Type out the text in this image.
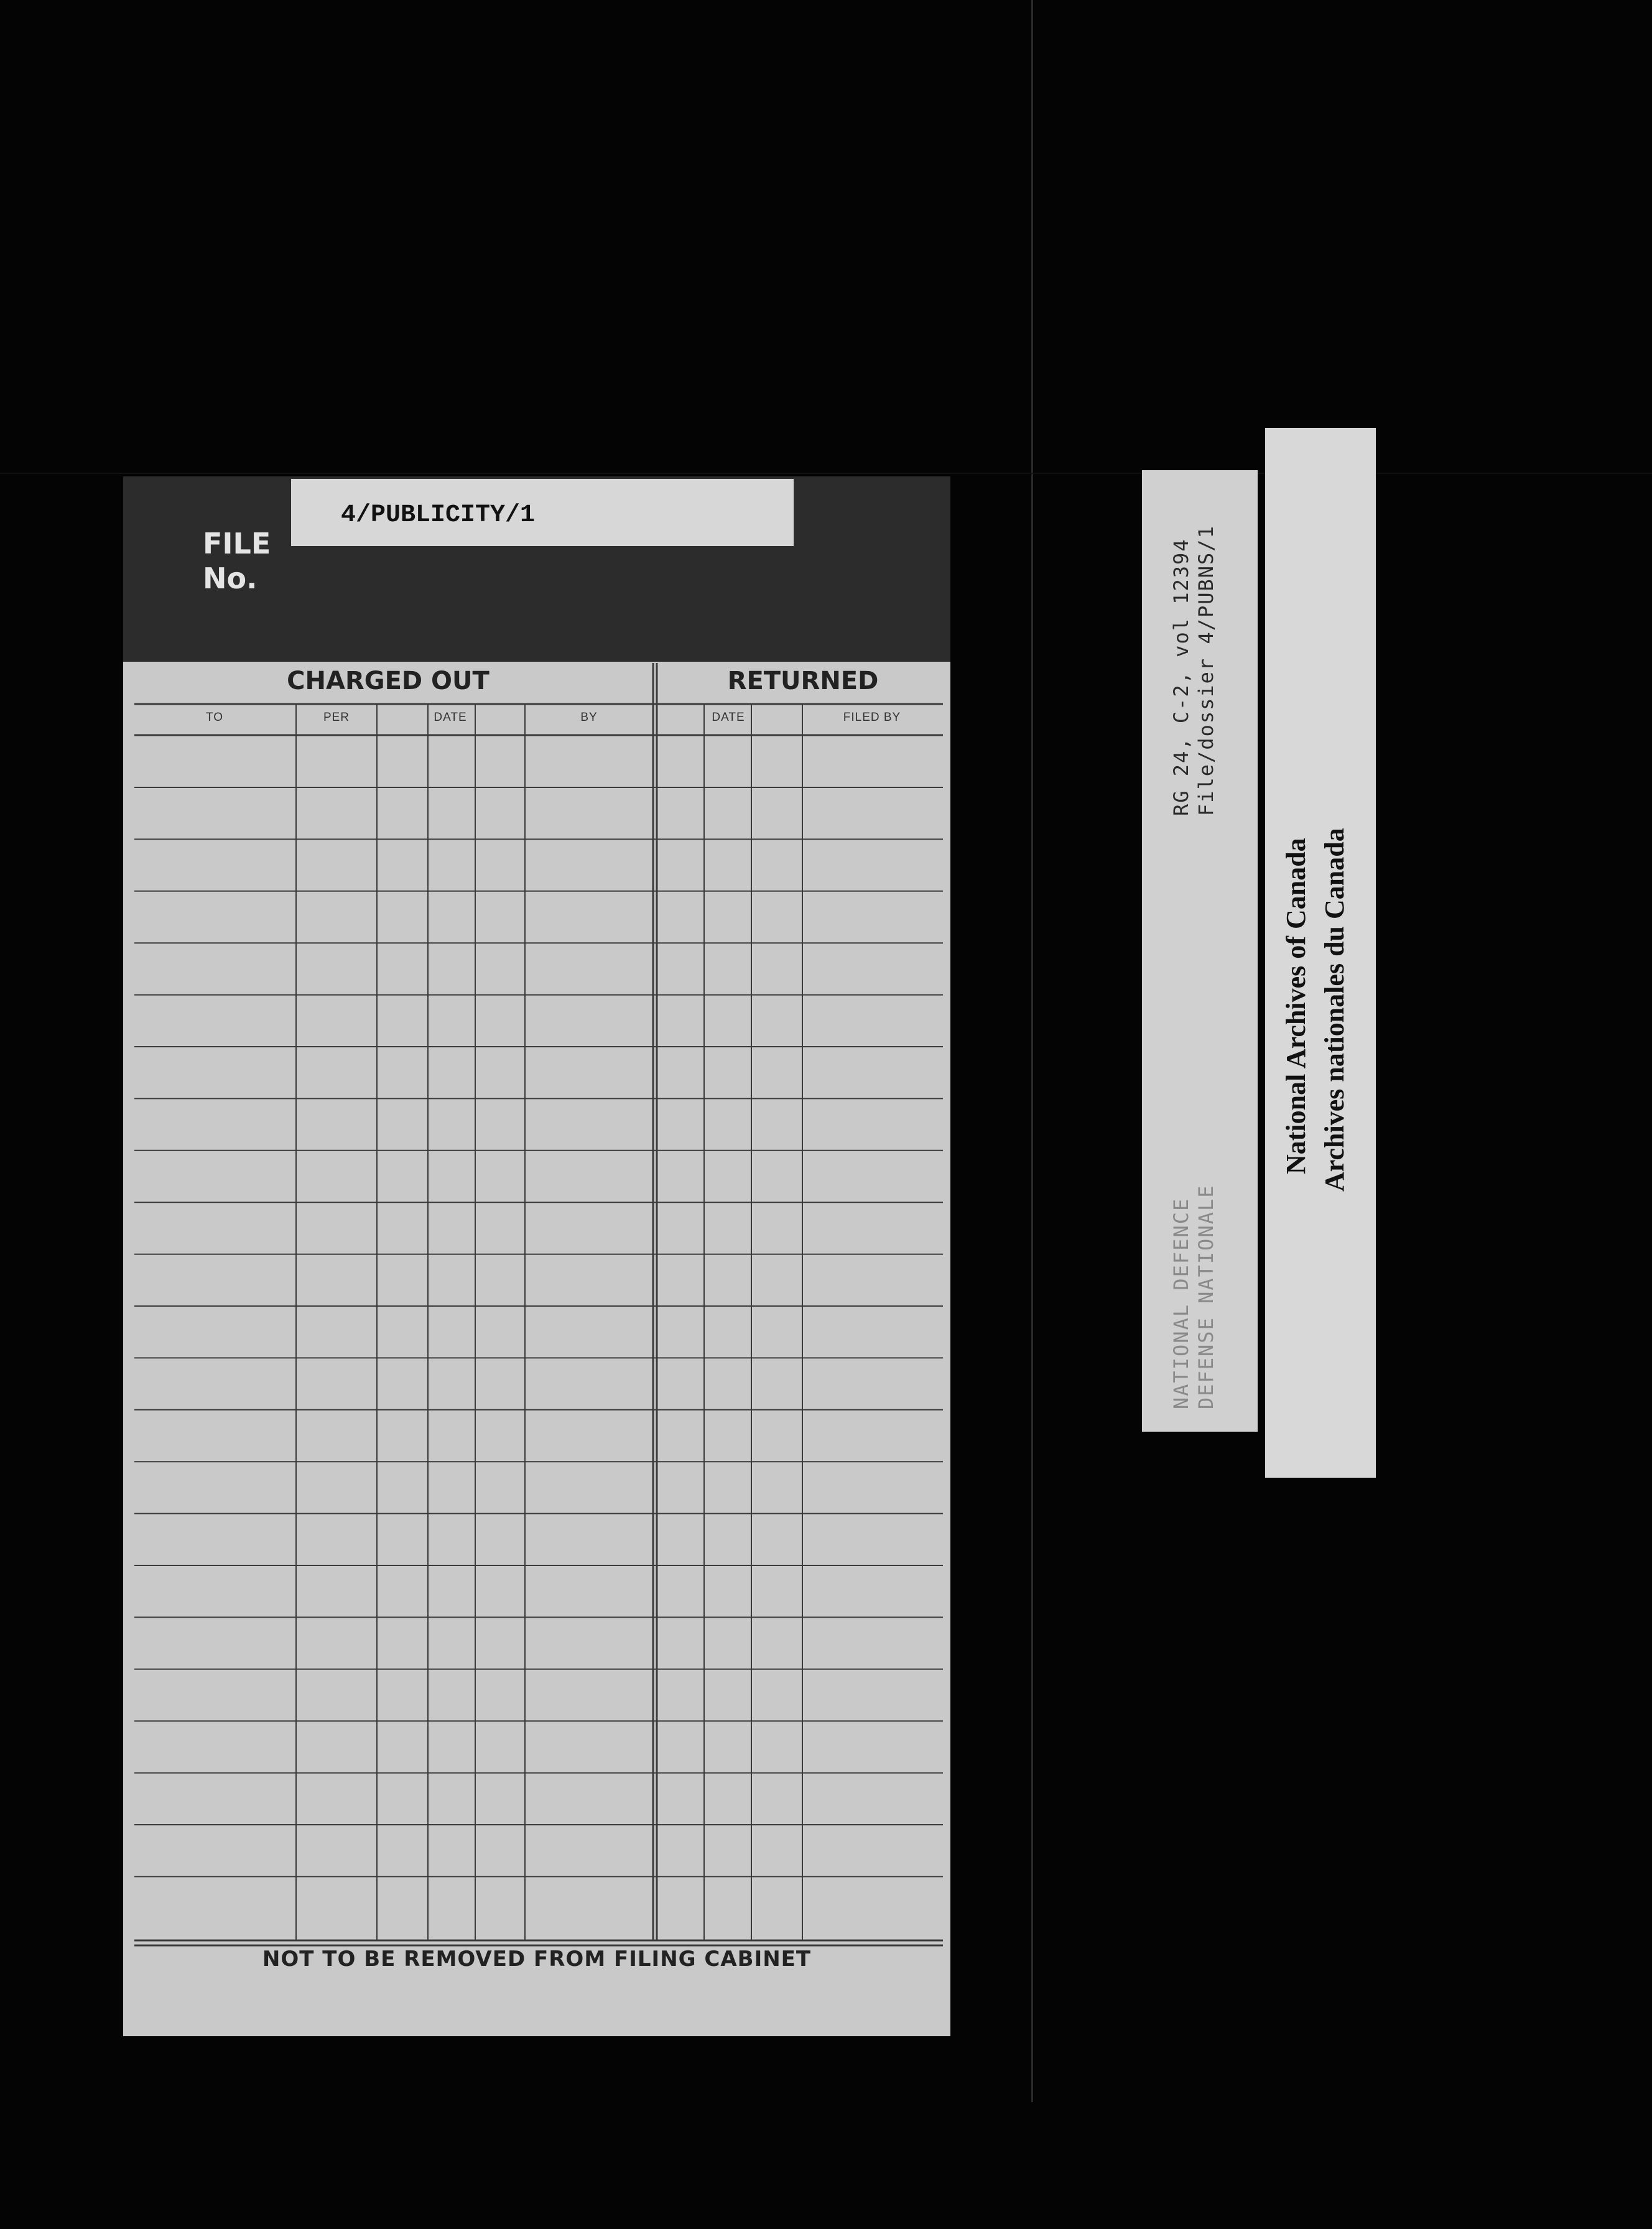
FILE
No.
4/PUBLICITY/1
CHARGED OUT	RETURNED
TO	PER	DATE	BY	DATE	FILED BY
NOT TO BE REMOVED FROM FILING CABINET
RG 24, C-2, vol 12394 File/dossier 4/PUBNS/1
NATIONAL DEFENCE DEFENSE NATIONALE
National Archives of Canada Archives nationales du Canada
